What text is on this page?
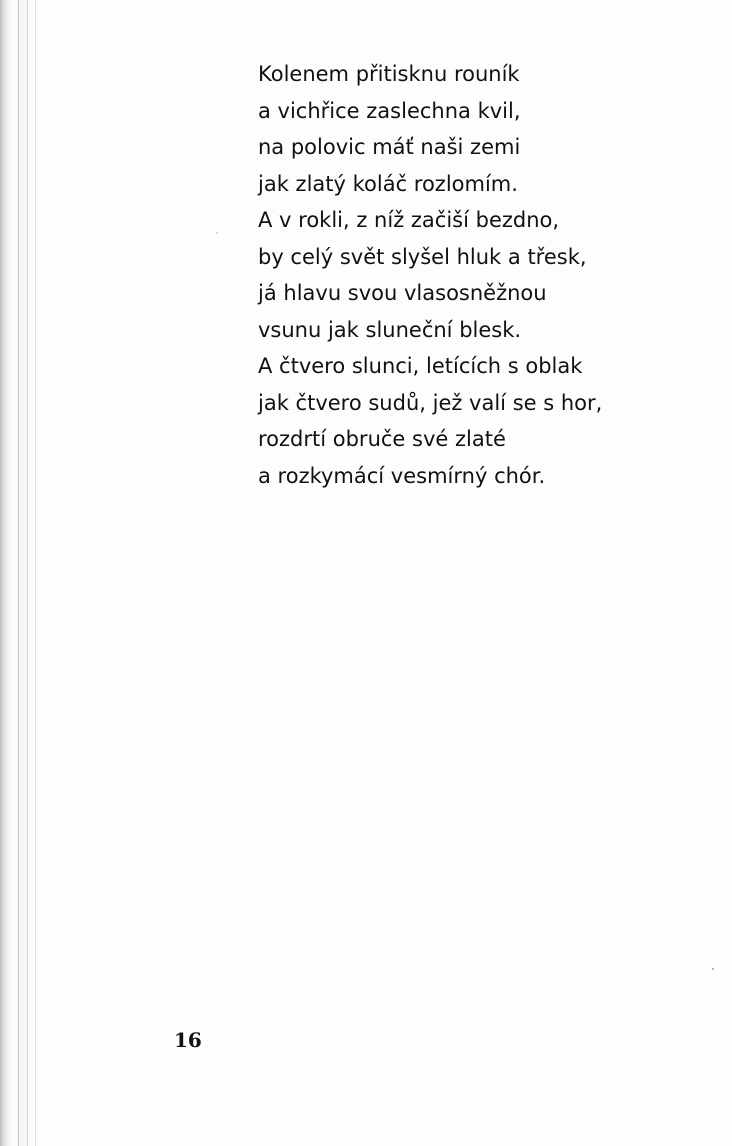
Kolenem přitisknu rouník
a vichřice zaslechna kvil,
na polovic máť naši zemi
jak zlatý koláč rozlomím.
A v rokli, z níž začiší bezdno,
by celý svět slyšel hluk a třesk,
já hlavu svou vlasosněžnou
vsunu jak sluneční blesk.
A čtvero slunci, letících s oblak
jak čtvero sudů, jež valí se s hor,
rozdrtí obruče své zlaté
a rozkymácí vesmírný chór.
16
